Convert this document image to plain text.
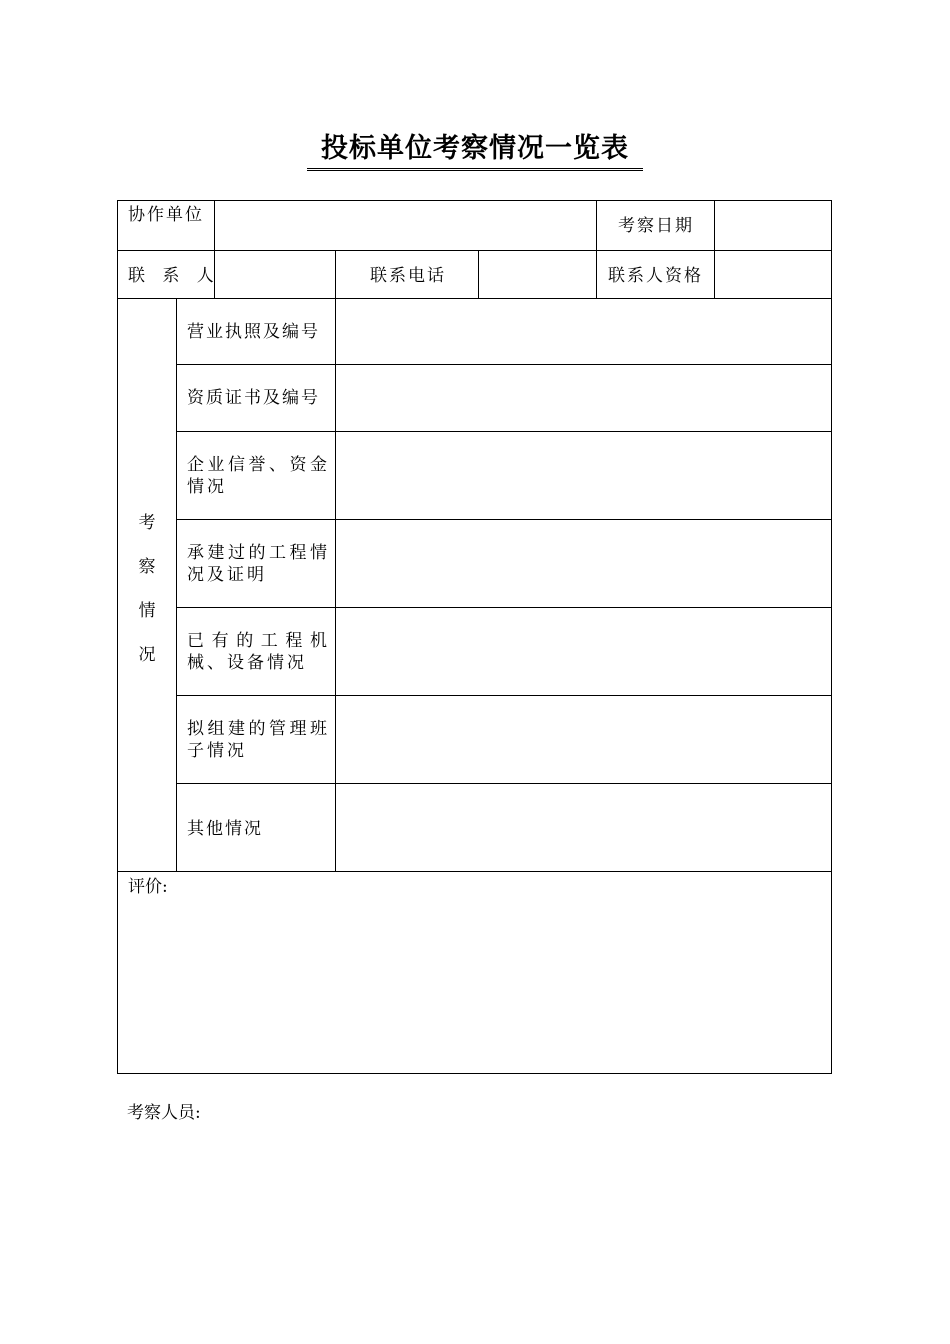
投标单位考察情况一览表
协作单位
考察日期
联 系 人	联系电话	联系人资格
考
察
情
况
营业执照及编号
资质证书及编号
企业信誉、资金情况
承建过的工程情况及证明
已有的工程机械、设备情况
拟组建的管理班子情况
其他情况
评价:
考察人员:
